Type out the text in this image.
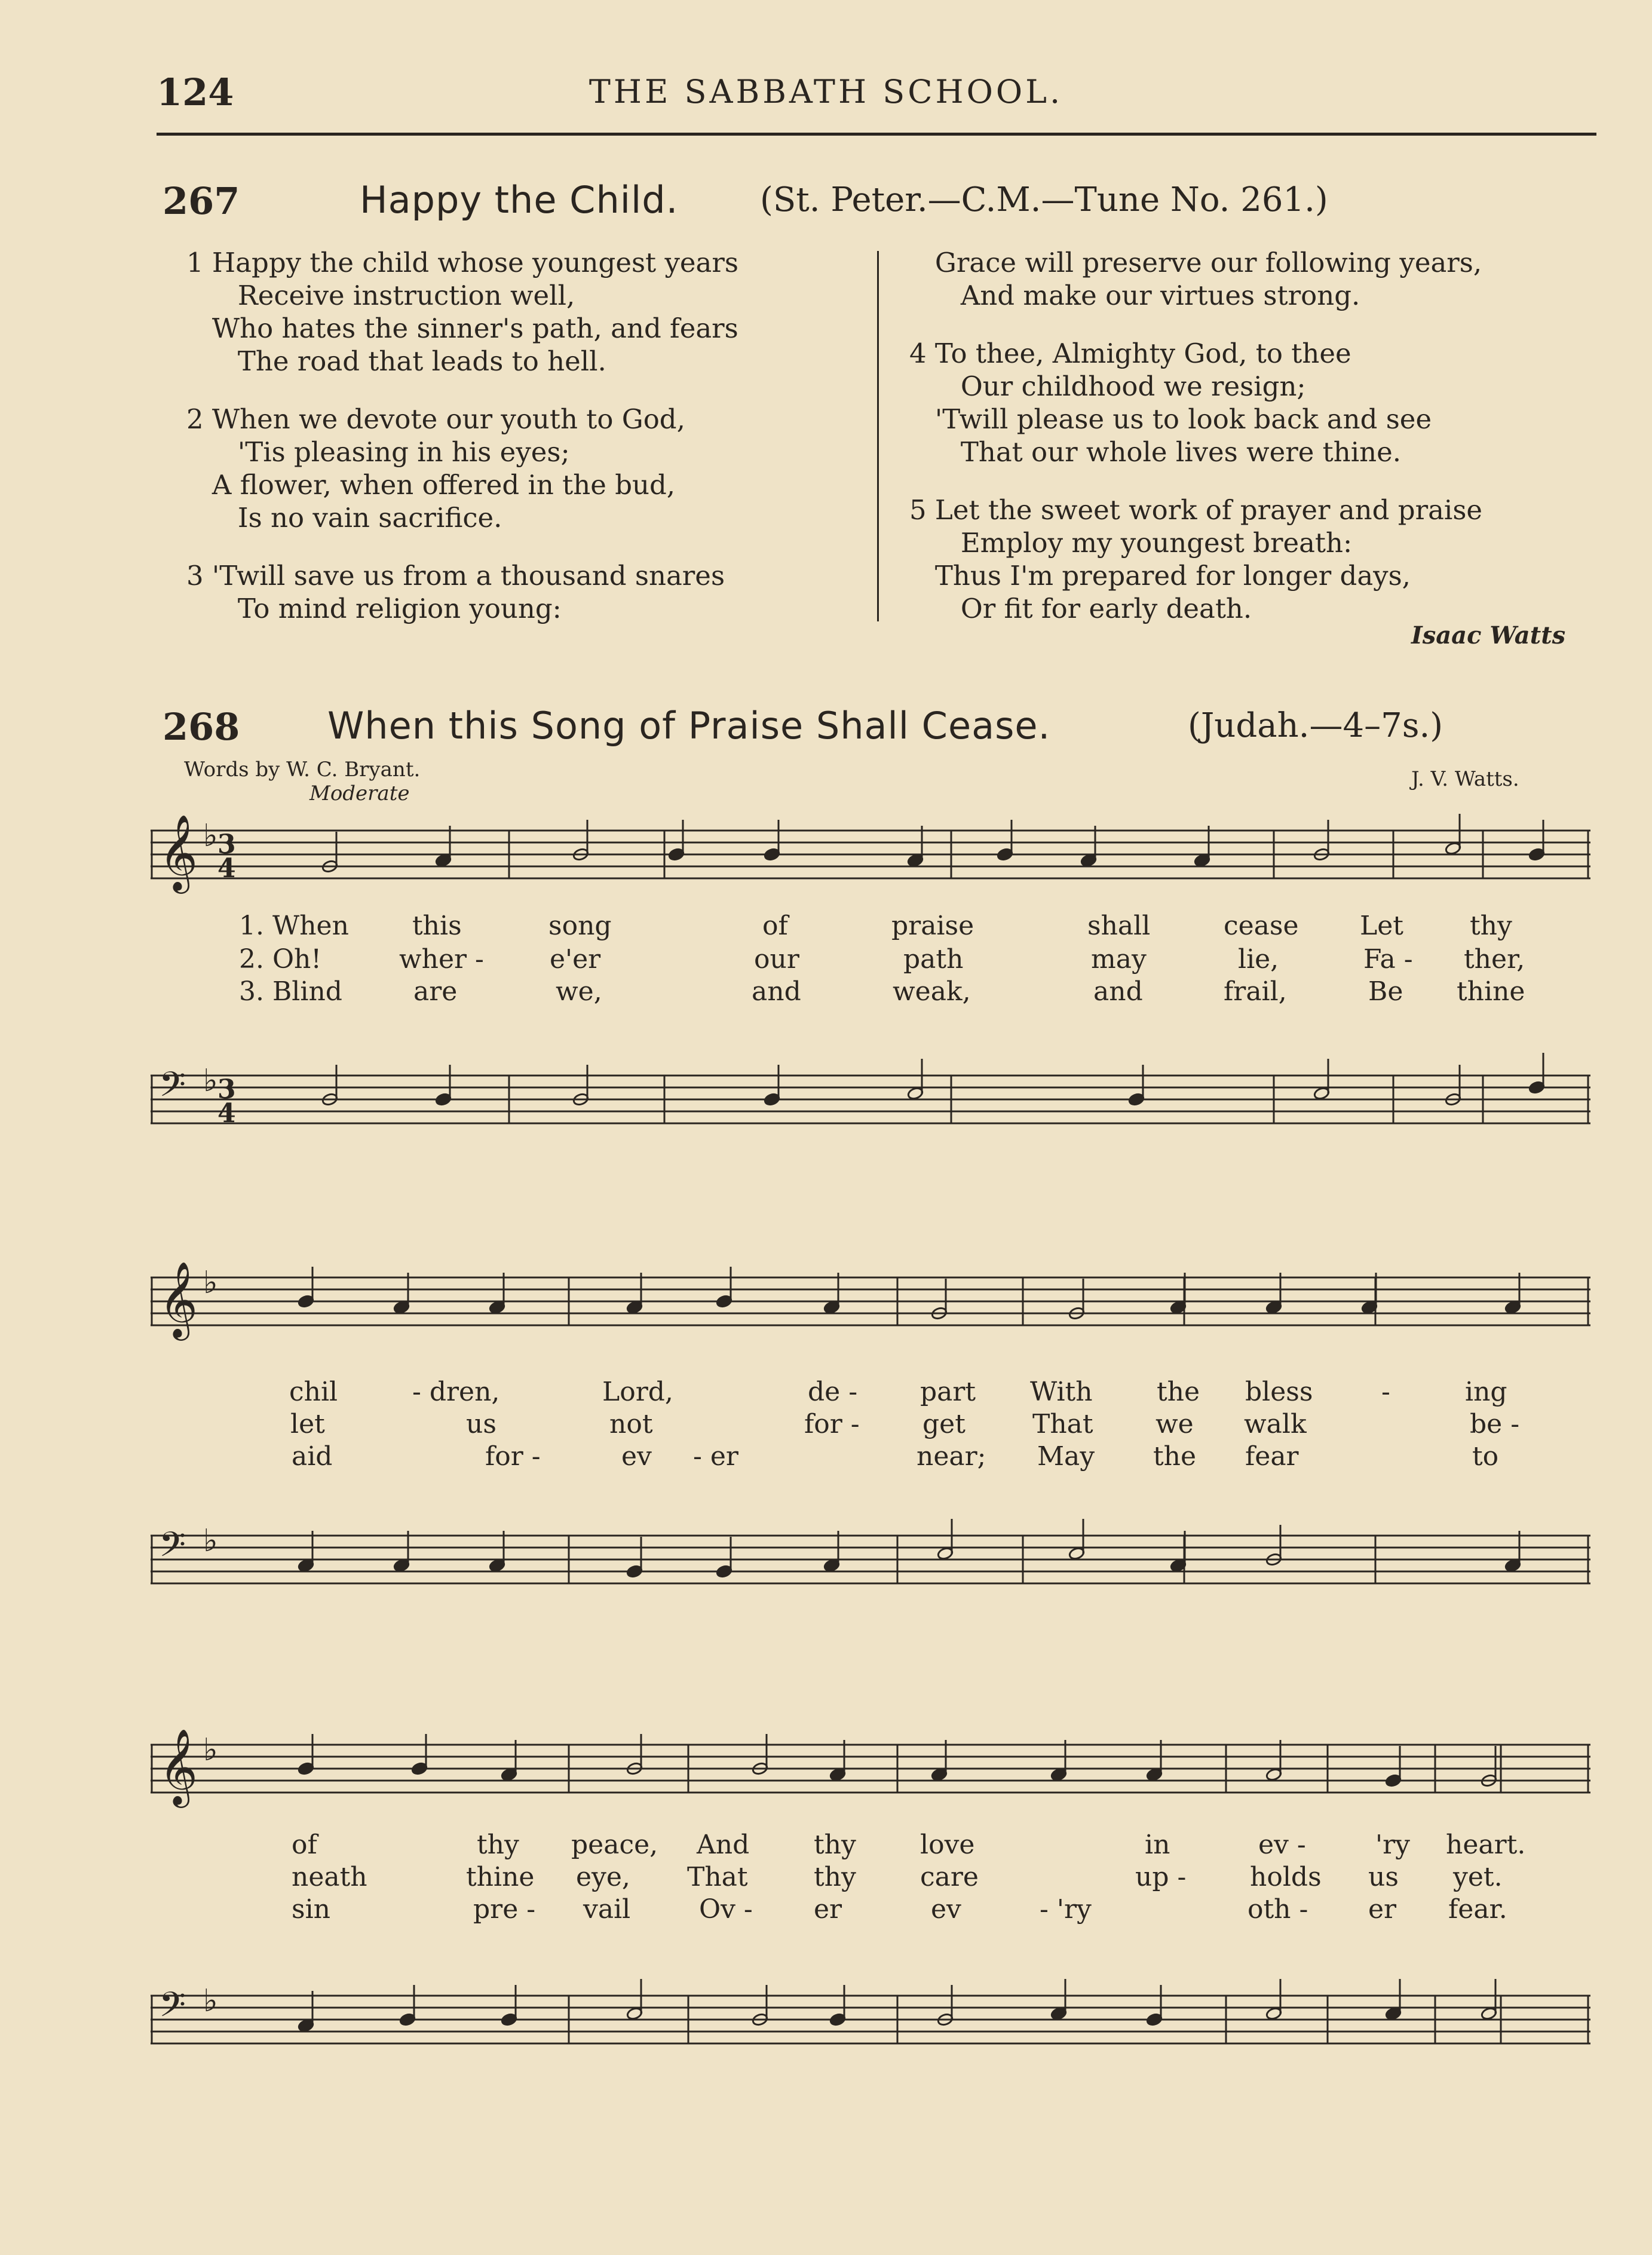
124	THE SABBATH SCHOOL.
267	Happy the Child. (St. Peter.—C.M.—Tune No. 261.)
1 Happy the child whose youngest years
Receive instruction well,
Who hates the sinner's path, and fears
The road that leads to hell.
2 When we devote our youth to God,
'Tis pleasing in his eyes;
A flower, when offered in the bud,
Is no vain sacrifice.
3 'Twill save us from a thousand snares
To mind religion young:
Grace will preserve our following years,
And make our virtues strong.
4 To thee, Almighty God, to thee
Our childhood we resign;
'Twill please us to look back and see
That our whole lives were thine.
5 Let the sweet work of prayer and praise
Employ my youngest breath:
Thus I'm prepared for longer days,
Or fit for early death.
Isaac Watts
268 When this Song of Praise Shall Cease.	(Judah.—4–7s.)
Words by W. C. Bryant.	J. V. Watts.
Moderate
𝄞 ♭ 3
4
𝄢 ♭ 3
4
𝄞 ♭
𝄢 ♭
𝄞 ♭
𝄢 ♭
1. When this	song	of	praise	shall	cease Let	thy
2. Oh!	wher -	e'er	our	path	may	lie,	Fa - ther,
3. Blind	are	we,	and	weak,	and	frail,	Be thine
chil	- dren,	Lord,	de - part With the bless	-	ing
let	us	not	for - get	That we walk	be -
aid	for -	ev - er	near; May the fear	to
of	thy peace, And thy love	in	ev -	'ry heart.
neath	thine eye, That	thy care	up - holds us yet.
sin	pre - vail	Ov - er	ev	- 'ry	oth - er fear.
